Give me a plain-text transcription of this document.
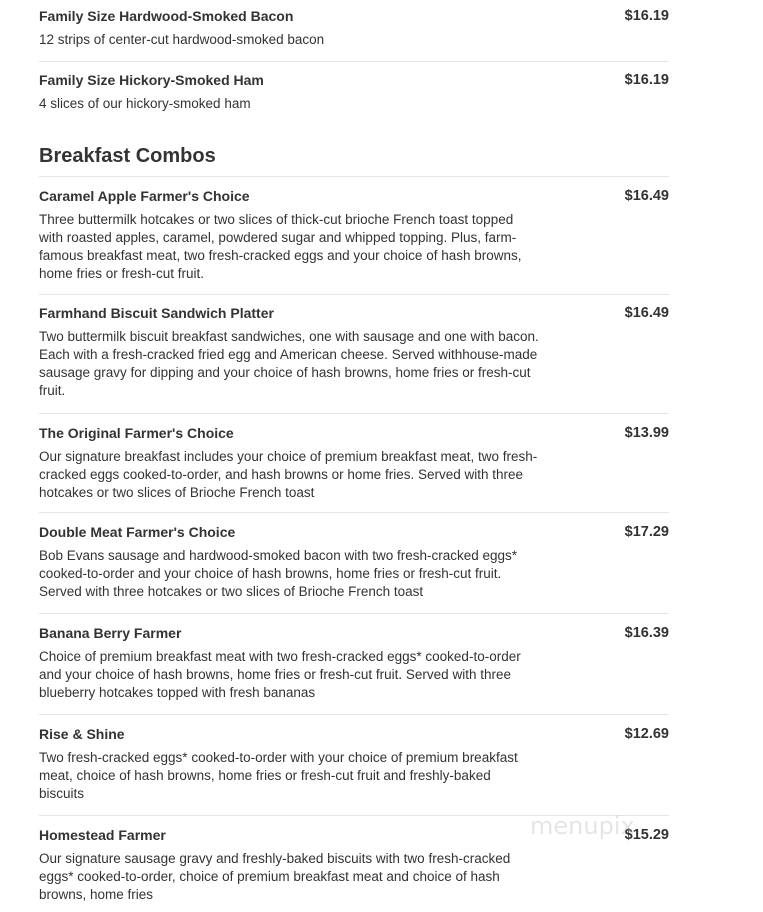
$16.19
Family Size Hardwood-Smoked Bacon
12 strips of center-cut hardwood-smoked bacon
$16.19
Family Size Hickory-Smoked Ham
4 slices of our hickory-smoked ham
Breakfast Combos
$16.49
Caramel Apple Farmer's Choice
Three buttermilk hotcakes or two slices of thick-cut brioche French toast topped with roasted apples, caramel, powdered sugar and whipped topping. Plus, farm-famous breakfast meat, two fresh-cracked eggs and your choice of hash browns, home fries or fresh-cut fruit.
$16.49
Farmhand Biscuit Sandwich Platter
Two buttermilk biscuit breakfast sandwiches, one with sausage and one with bacon. Each with a fresh-cracked fried egg and American cheese. Served withhouse-made sausage gravy for dipping and your choice of hash browns, home fries or fresh-cut fruit.
$13.99
The Original Farmer's Choice
Our signature breakfast includes your choice of premium breakfast meat, two fresh-cracked eggs cooked-to-order, and hash browns or home fries. Served with three hotcakes or two slices of Brioche French toast
$17.29
Double Meat Farmer's Choice
Bob Evans sausage and hardwood-smoked bacon with two fresh-cracked eggs* cooked-to-order and your choice of hash browns, home fries or fresh-cut fruit. Served with three hotcakes or two slices of Brioche French toast
$16.39
Banana Berry Farmer
Choice of premium breakfast meat with two fresh-cracked eggs* cooked-to-order and your choice of hash browns, home fries or fresh-cut fruit. Served with three blueberry hotcakes topped with fresh bananas
$12.69
Rise & Shine
Two fresh-cracked eggs* cooked-to-order with your choice of premium breakfast meat, choice of hash browns, home fries or fresh-cut fruit and freshly-baked biscuits
$15.29
Homestead Farmer
Our signature sausage gravy and freshly-baked biscuits with two fresh-cracked eggs* cooked-to-order, choice of premium breakfast meat and choice of hash browns, home fries
menupix
